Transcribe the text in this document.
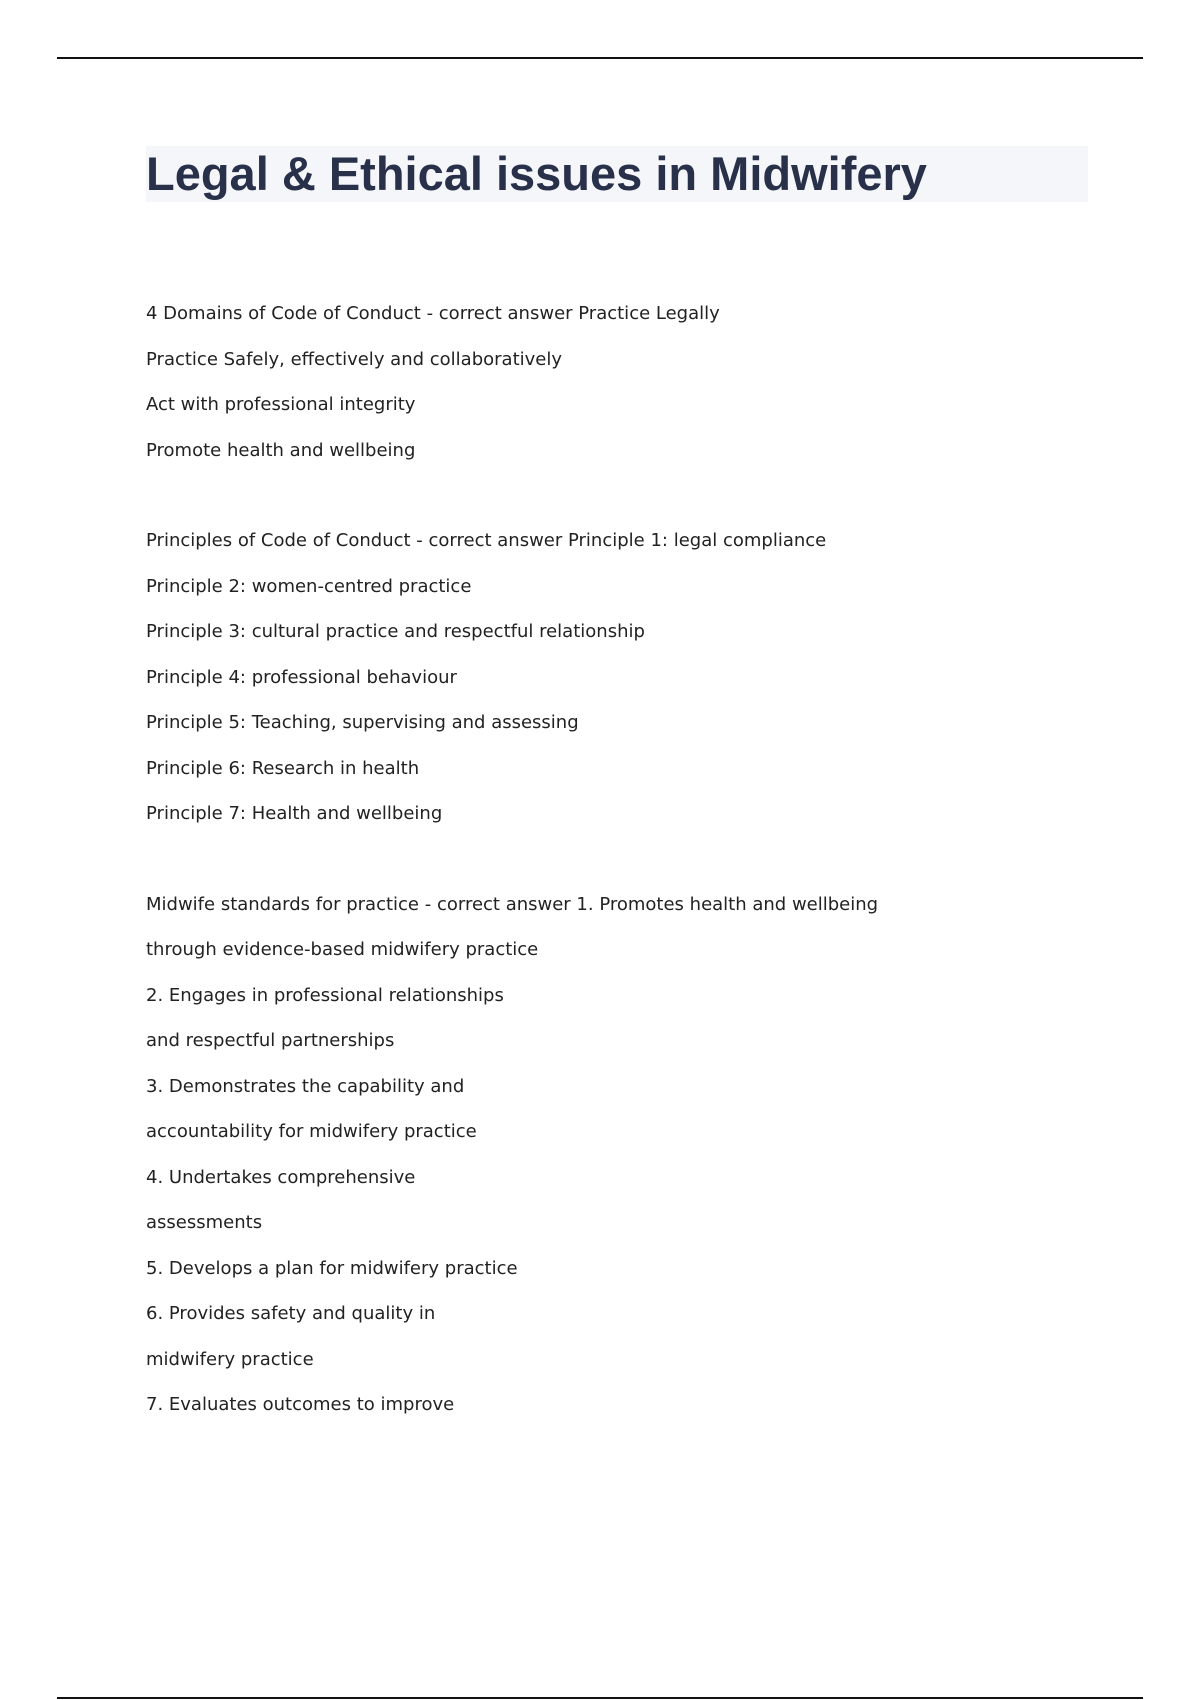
Legal & Ethical issues in Midwifery
4 Domains of Code of Conduct - correct answer Practice Legally
Practice Safely, effectively and collaboratively
Act with professional integrity
Promote health and wellbeing
Principles of Code of Conduct - correct answer Principle 1: legal compliance
Principle 2: women-centred practice
Principle 3: cultural practice and respectful relationship
Principle 4: professional behaviour
Principle 5: Teaching, supervising and assessing
Principle 6: Research in health
Principle 7: Health and wellbeing
Midwife standards for practice - correct answer 1. Promotes health and wellbeing
through evidence-based midwifery practice
2. Engages in professional relationships
and respectful partnerships
3. Demonstrates the capability and
accountability for midwifery practice
4. Undertakes comprehensive
assessments
5. Develops a plan for midwifery practice
6. Provides safety and quality in
midwifery practice
7. Evaluates outcomes to improve
